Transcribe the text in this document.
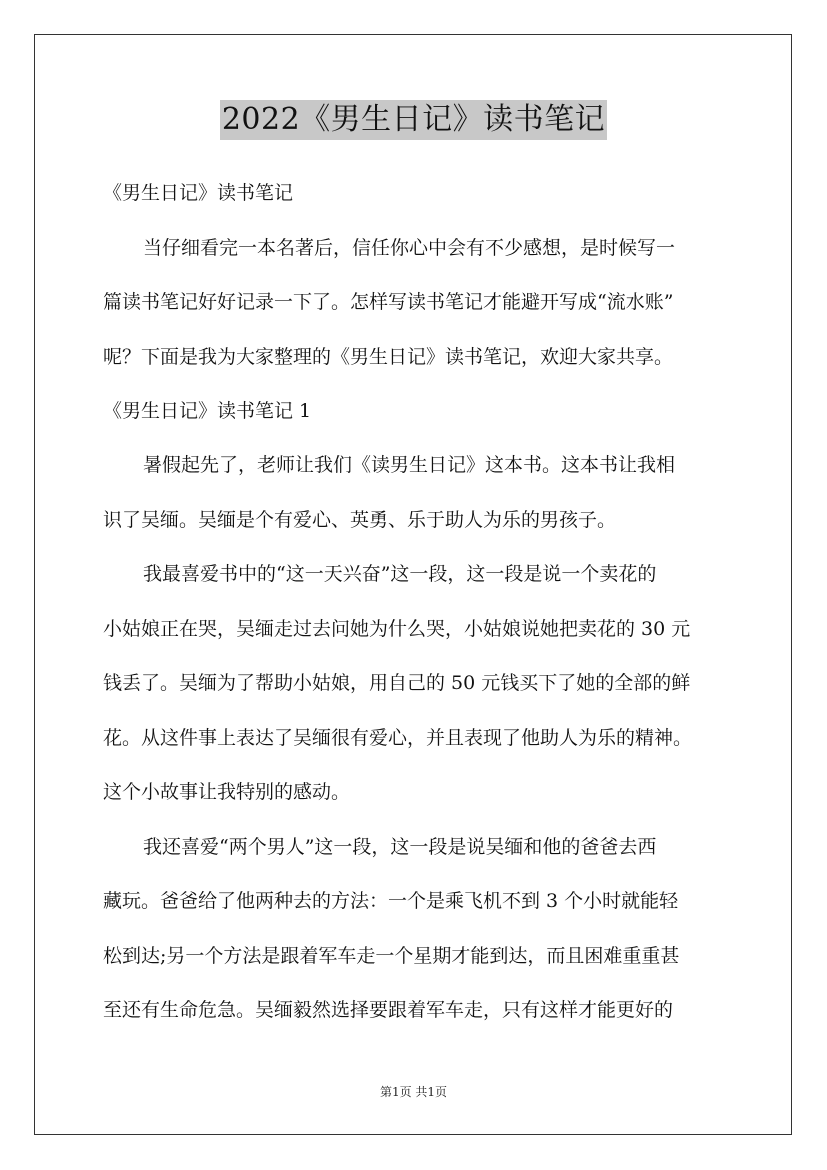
2022《男生日记》读书笔记
《男生日记》读书笔记
当仔细看完一本名著后，信任你心中会有不少感想，是时候写一
篇读书笔记好好记录一下了。怎样写读书笔记才能避开写成“流水账”
呢？下面是我为大家整理的《男生日记》读书笔记，欢迎大家共享。
《男生日记》读书笔记 1
暑假起先了，老师让我们《读男生日记》这本书。这本书让我相
识了吴缅。吴缅是个有爱心、英勇、乐于助人为乐的男孩子。
我最喜爱书中的“这一天兴奋”这一段，这一段是说一个卖花的
小姑娘正在哭，吴缅走过去问她为什么哭，小姑娘说她把卖花的 30 元
钱丢了。吴缅为了帮助小姑娘，用自己的 50 元钱买下了她的全部的鲜
花。从这件事上表达了吴缅很有爱心，并且表现了他助人为乐的精神。
这个小故事让我特别的感动。
我还喜爱“两个男人”这一段，这一段是说吴缅和他的爸爸去西
藏玩。爸爸给了他两种去的方法：一个是乘飞机不到 3 个小时就能轻
松到达;另一个方法是跟着军车走一个星期才能到达，而且困难重重甚
至还有生命危急。吴缅毅然选择要跟着军车走，只有这样才能更好的
第1页 共1页
